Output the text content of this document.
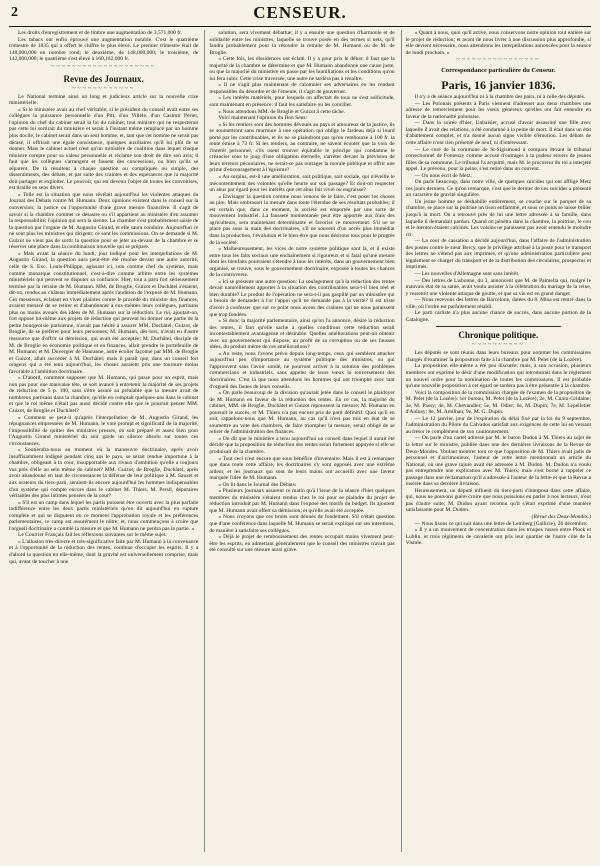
2	CENSEUR.

Les droits d'enregistrement et de timbre une augmentation de 3,571,000 fr.

Les tabacs ont enfin éprouvé une augmentation notable. C'est le quatrième trimestre de 1835 qui a offert le chiffre le plus élevé. Le premier trimestre était de 148,000,000 en nombre rond; le deuxième, de 148,000,000; le troisième, de 142,000,000; le quatrième s'est élevé à 160,182,000 fr.

~~~~~~~~~~~~~~~~~~~~
Revue des Journaux.
~~~~~~~~~~~~

Le National termine ainsi un long et judicieux article sur la nouvelle crise ministérielle:

« Si le ministère avait au chef véritable; si le président du conseil avait entre ses collègues la puissance personnelle d'un Pitt, d'un Villèle, d'un Casimir Périer, l'opinion du chef du cabinet serait la loi du cabinet; tout ministre qui ne respecterait pas cette loi sortirait du ministère et serait à l'instant même remplacé par un homme plus docile; le cabinet serait dans un seul homme, et, tant que cet homme ne serait pas dérasé, il offrirait une égale consistance, quelques auxiliaires qu'il lui plût de se donner. Mais le cabinet actuel n'est qu'un ministère de coalition dans lequel chaque ministre compte pour sa valeur personnelle et réclame son droit de dire son avis; il faut que les collègues s'arrangent et fassent des concessions, ou bien qu'ils se séparent. De là résultent à chaque question ou compliquée ou simple, des dissentiments, des débats, et par suite des craintes et des espérances que la majorité doit partager et exploiter. Le pouvoir, qui est devenu l'objet de toutes les convoitises, est tiraillé en sens divers.

» Telle est la situation que nous révélait aujourd'hui les violentes attaques du Journal des Débats contre M. Humann. Deux opinions existent dans le conseil sur la conversion; la justice ou l'opportunité d'une grave mesure financière. Il s'agit de savoir si la chambre commet ce désastre ou s'il appartient au ministère d'en assumer la responsabilité; l'opinion qui sera la sienne. La chambre s'est probablement saisie de la question par l'organe de M. Augustin Girand, et elle saura conduire. Aujourd'hui ce ne sont plus les ministres qui dirigent; ce sont les commissions. On se demande si M. Guizot ne vient pas de sortir la question pour se jeter au-devant de la chambre et se réserver une place dans la combinaison nouvelle qui se prépare.

» Mais avant la séance du lundi, jour indiqué pour les interpellations de M. Augustin Girand, la question aura peut-être été résolue devant une autre autorité, celle de S. Exc. Louis-Philippe, agissant ici, non comme chef du système, mais comme monarque constitutionnel, c'est-à-dire comme arbitre entre les systèmes ministériels qui peuvent se disputer sa confiance. Hier, tout a paru fort sérieusement terminé par la retraite de M. Humann. MM. de Broglie, Guizot et Duchâtel s'étaient, dit-on, rendus au château immédiatement après l'audition de l'exposé de M. Humann. Ces messieurs, éclatant en vives plaintes contre le procédé du ministre des finances, avaient menacé de se retirer et d'abandonner à eux-mêmes leurs collègues, partisans plus ou moins avoués des idées de M. Humann sur la réduction. Le roi, ajoutait-on, fort opposé lui-même aux projets de réduction qui peuvent lui donner une partie de la petite bourgeoisie parisienne, n'avait pas hésité à assurer MM. Duchâtel, Guizot, de Broglie, de se préférer pour leurs personnes; M. Humann, dès-lors, n'avait eu d'autre ressource que d'offrir sa démission, qui avait été acceptée; M. Duchâtel, disciple de M. de Broglie en économie politique et en finances, allait prendre le portefeuille de M. Humann; et M. Duvergier de Hauranne, autre écolier façonné par MM. de Broglie et Guizot, allait succéder à M. Duchâtel; mais il paraît que, dans un conseil fort orageux qui a été tenu aujourd'hui, les choses auraient pris une tournure moins favorable à l'ambition doctrinaire.

» D'abord, comment supposer que M. Humann, qui passe pour un esprit, mais non pas pour une mauvaise tête, se soit avancé à entretenir la majorité de ses projets de réduction de 5 p. 100, sans s'être assuré au préalable que la mesure avait de nombreux partisans dans la chambre, qu'elle en comptait quelques-uns dans le cabinet et que le roi même n'était pas aussi décidé contre elle que le pourrait penser MM. Guizot, de Broglie et Duchâtel?

» Comment se peut-il qu'après l'interpellation de M. Augustin Girand, les répugnances empressées de M. Humann, le vote prompt et significatif de la majorité, l'impossibilité de quitter des ministres pressés, on soit préparé et assez bien pour l'Augustin Girand ministériel du soir garde un silence absolu sur toutes ces circonstances.

» Soutiendra-nous au moment où la manœuvre doctrinaire, après avoir insuffisamment indigné pendant cinq ans le pays, se serait rendue importune à la chambre, obligeant à la cour, insupportable aux rivaux d'ambition qu'elle a toujours vus près d'elle au sein même du cabinet? MM. Guizot, de Broglie, Duchâtel, après avoir abandonné en tant de circonstances la défense de leur politique à M. Sauzet et aux orateurs du tiers-parti, seraient-ils encore aujourd'hui les hommes indispensables d'un système qui compte encore dans le cabinet M. Thiers, M. Persil, députaires véritables des plus intimes pensées de la cour?

» S'il est un camp dans lequel les partis puissent être ouverts avec la plus parfaite indifférence entre les deux partis ministériels qu'on dit aujourd'hui en rupture complète et qui se disputent en ce moment l'approbation royale et les préférences parlementaires, ce camp est assurément le nôtre; et, nous commençons à croire que l'orgueil doctrinaire a comblé la mesure et que M. Humann ne perdra pas la partie. »

Le Courrier Français fait les réflexions suivantes sur le même sujet:

« L'allusion très-directe et très-significative faite par M. Humann à la convenance et à l'opportunité de la réduction des rentes, continue d'occuper les esprits. Il y a d'abord la question en elle-même, dont la gravité est universellement comprise, mais qui, avant de toucher à une

solution, sera vivement débattue; il y a ensuite une question d'harmonie et de solidarité entre les ministres, laquelle se trouve posée en des termes si nets, qu'il faudra probablement pour la résoudre la retraite de M. Humann ou de M. de Broglie.

» Cette fois, les dissidences ont éclaté. Il y a pour prix le débat: il faut que la majorité de la chambre se détermine et que M. Humann abandonne une cause juste, ou que la majorité du ministère en passe par les humiliations et les conditions qu'on lui fera subir. Cette crise traversée, une autre ne tardera pas à renaître.

» Il ne s'agit plus maintenant de calomnier ses adversaires en les rendant responsables du désordre et de l'émeute, il s'agit de gouverner.

» Les intérêts matériels, pour lesquels on affectait de tous ne s'est sollicitude, sont maintenant en présence: il faut les satisfaire ou les concilier.

» Nous attendons MM. de Broglie et Guizot à cette tâche.

Voici maintenant l'opinion du Bon Sens:

« Si les rentiers sont des hommes dévoués au pays et amoureux de la justice, ils se soumettront sans murmure à une opération qui oblige le fardeau déjà si lourd porté par les contribuables, et ils ne se plaindront pas qu'on rembourse à 100 fr. la rente émise à 73 fr. Si les rentiers, au contraire, ne savent écouter que la voix de l'intérêt personnel, s'ils osent trouver équitable le principe qui condamne le créancier sous le joug d'une obligation éternelle, s'arrêter devant la prévision de leurs terreurs pécuniaires, ne serait-ce pas outrager la morale publique et offrir une prime d'encouragement à l'égoïsme?

» Au surplus, est-il une amélioration, soit politique, soit sociale, qui n'éveille le mécontentement des volontés qu'elle heurte sur son passage? Et doit-on respecter un abus par égard pour les intérêts que cet abus fait vivre ou engraisse?

» Envisager la question comme nous venons de le faire, c'est poser les choses au pire. Mais embrasser la mesure dans toute l'étendue de ses résultats probables; il est certain que, dans ce moment, la société est emportée par une sorte de mouvement industriel. La fausseté momentanée peut être apportée aux frais des agriculteurs, sera maintenant déterminante et favorise ce mouvement. S'il ne se place pas sous la main des doctrinaires, s'il ne souvent d'un accès plus immédiat dans la production, l'évolution et le bien-être que nous désirons tous pour le progrès de la société.

» Malheureusement, les vices de notre système politique sont là, et il existe entre tous les faits sociaux une enchaînement si rigoureux et si fatal qu'une mesure dont les bienfaits pourraient s'étendre à tous les intérêts, dans un gouvernement bien organisé, se trouve, sous le gouvernement doctrinaire, exposée à toutes les chances de la controverse.

» Ici se présente une autre question: La soulagement qu'à la réduction des rentes devait naturellement apporter à la situation des contribuables sera-t-il bien réel et bien durable? Le produit de l'opération ne sera-t-il pas gaspillé par un ministère qui a besoin de demander à l'or l'appui qu'il ne demande pas à la vérité? Il est triste d'avoir à confesser que sur ce point nous avons des craintes qui ne nous paraissent que trop fondées.

» Si donc la majorité parlementaire, ainsi qu'on l'a annoncé, désire la réduction des rentes, il faut qu'elle sache à quelles conditions cette réduction serait incontestablement avantageuse et désirable. Quelles améliorations peut-on obtenir avec un gouvernement qui dispose, au profit de sa corruption ou de ses fausses idées, du produit même de ces améliorations?

» Au reste, nous l'avons prévu depuis long-temps, ceux qui semblent attacher aujourd'hui peu d'importance au système politique des ministres, ou qui l'approuvent sans l'avoir sondé, ne pourront arriver à la solution des problèmes commerciaux et industriels, sans appeler de leurs vœux la renversement des doctrinaires. C'est là que nous attendons les hommes qui ont triomphé avec tant d'orgueil des fautes de leurs conseils.

» On parle beaucoup de la division qu'aurait jetée dans le conseil le plaidoyer de M. Humann en faveur de la réduction des rentes. En ce cas, la majorité du cabinet, MM. de Broglie, Duchâtel et Guizot repoussent la mesure; M. Humann en poursuit le succès, et M. Thiers n'a pas encore pris de parti définitif. Quoi qu'il en soit, rappelons-nous que M. Humann, au cas qu'il n'est pas mis en état de se soumettre au vote des chambres, de faire triompher la mesure, serait obligé de se retirer de l'administration des finances.

» On dit que le ministère a tenu aujourd'hui un conseil dans lequel il aurait été décidé que la proposition de réduction des rentes serait fortement appuyée si elle se produisait de la chambre.

» Tout ceci n'est encore que sous bénéfice d'inventaire. Mais il est à remarquer que dans toute cette affaire, les doctrinaires s'y sont opposés avec une extrême ardeur, et les journaux qui sont de leurs mains ont accueilli avec une faveur marquée l'idée de M. Humann.

» On lit dans le Journal des Débats:

« Plusieurs journaux assurent ce matin qu'à l'issue de la séance d'hier quelques membres du ministère s'étaient rendus chez le roi pour se plaindre du projet de réduction introduit par M. Humann dans l'exposé des motifs du budget. Ils ajoutent que M. Humann avait offert sa démission, et qu'elle avait été acceptée.

» Nous croyons que ces bruits sont dénués de fondement. S'il n'était question que d'une conférence dans laquelle M. Humann se serait expliqué sur ses intentions, de manière à satisfaire ses collègues.

» Déjà le projet de remboursement des rentes occupait moins vivement peut-être les esprits; en admettant généralement que le conseil des ministres n'avait pas été consulté sur une mesure aussi grave.

» Quant à nous, quoi qu'il arrive, nous conservons notre opinion tout entière sur le projet de réduction; et avant de nous livrer à une discussion plus approfondie, si elle devient nécessaire, nous attendrons les interpellations annoncées pour la séance de lundi prochain. »

~~~~~~~~~~~~~~~~
Correspondance particulière du Censeur.
Paris, 16 janvier 1836.

Il n'y a de séance aujourd'hui ni à la chambre des pairs, ni à celle des députés.

— Les Polonais présents à Paris viennent d'adresser aux deux chambres une adresse de remerciement pour les vœux généreux qu'elles ont fait entendre en faveur de la nationalité polonaise.

— Dans la soirée d'hier, Unbaisier, accusé d'avoir assassiné une fille avec laquelle il avait des relations, a été condamné à la peine de mort. Il était dans un état d'abattement complet, et n'a donné aucun signe visible d'émotion. Les débats de cette affaire n'ont rien présenté de neuf, ni d'intéressant.

— Le curé de la commune de St-Sigismond à comparu devant le tribunal correctionnel de Fontenay comme accusé d'outrages à la pudeur envers de jeunes filles de sa commune. Le tribunal l'a acquitté, mais M. le procureur du roi a interjeté appel. Le prévenu, pour la peine, s'est retiré dans un couvent.

— On nous écrit de Metz:

On parle beaucoup, dans notre ville, de quelques suicides qui ont affligé Metz ces jours derniers. Ce qu'on remarque, c'est que le dernier de ces suicides a présenté un caractère de gravité singulière.

Un jeune homme se déshabille entièrement, se couche sur le parquet de sa chambre, se place sur la poitrine un tison enflammé, et sous ce poids se laisse brûler jusqu'à la mort. On a retrouvé près de lui une lettre adressée à sa famille, dans laquelle il demandait pardon. Quand on pénétra dans la chambre, la poitrine, le cou et le menton étaient calcinés. Les voisins ne paraissent pas avoir entendu le moindre cri.

— La cour de cassation a décidé aujourd'hui, dans l'affaire de l'administration des postes contre le sieur Bercy, que le privilège attribué à la poste pour le transport des lettres ne s'étend pas aux imprimés, et qu'une administration particulière peut légalement se charger du transport et de la distribution des circulaires, prospectus et imprimés.

— Les nouvelles d'Allemagne sont sans intérêt.

— Des lettres de Lisbonne, du 3, annoncent que M. de Palmella qui, malgré le mauvais état de sa santé, avait voulu assister à la célébration du mariage de la reine, y ressentit une violente attaque de goutte, et que sa vie est en grand danger.

— Nous recevons des lettres de Barcelone, datées du 8. Mina est rentré dans la ville, où l'ordre est parfaitement rétabli.

Le parti carliste n'a plus aucune chance de succès, dans aucune portion de la Catalogne.

Chronique politique.
~~~~~~~~~~

Les députés se sont réunis dans leurs bureaux pour nommer les commissaires chargés d'examiner la proposition faite à la chambre par M. Pelet (de la Lozère).

La proposition elle-même a été peu discutée; mais, à son occasion, plusieurs membres ont exprimé le désir d'une modification qui introduirait dans le règlement un nouvel ordre pour la nomination de toutes les commissions. Il est probable qu'une nouvelle proposition à cet égard ne tardera pas à être présentée à la chambre.

Voici la composition de la commission chargée de l'examen de la proposition de M. Pelet (de la Lozère): 1er bureau, M. Pelet (de la Lozère); 2e, M. Cunin-Gridaine; 3e, M. Passy; 4e, M. Chevandier; 5e, M. Odier; 6e, M. Dupin; 7e, M. Lepelletier d'Aulnay; 8e, M. Amilhau; 9e, M. G. Dupin.

— Le 12 janvier, jour de l'expiration du délai fixé par la loi du 9 septembre, l'administration du Pilote du Calvados satisfait aux exigences de cette loi en versant au trésor le complément de son cautionnement.

— On parle d'un cartel adressé par M. le baron Dudon à M. Thiers au sujet de la lettre sur le ministre, publiée dans une des dernières livraisons de la Revue de Deux-Mondes. Voulant montrer tout ce que l'opposition de M. Thiers avait jadis de personnel et d'acrimonieux, l'auteur de cette lettre mentionnait un article du National, où une grave injure avait été adressée à M. Dudon. M. Dudon n'a voulu pas entreprendre une explication avec M. Thiers; mais s'est borné à rappeler ce passage dans une réclamation qu'il a adressée à l'auteur de la lettre et que la Revue a insérée dans sa dernière livraison.

Heureusement, un député influent du tiers-parti s'interposa dans cette affaire, qui, nous ne pouvons guère croire que nous puissions en parler à nos lecteurs, n'eut pas d'autre suite; M. Dudon ayant reconnu qu'il s'était exprimé d'une manière satisfaisante pour M. Dudon.

(Revue des Deux-Mondes.)

— Nous lisons ce qui suit dans une lettre de Lemberg (Gallicie), 26 décembre:

« Il y a un mouvement de concentration dans les troupes russes entre Plock et Lublin, et trois régiments de cavalerie ont pris leur quartier de l'autre côté de la Vistule.
